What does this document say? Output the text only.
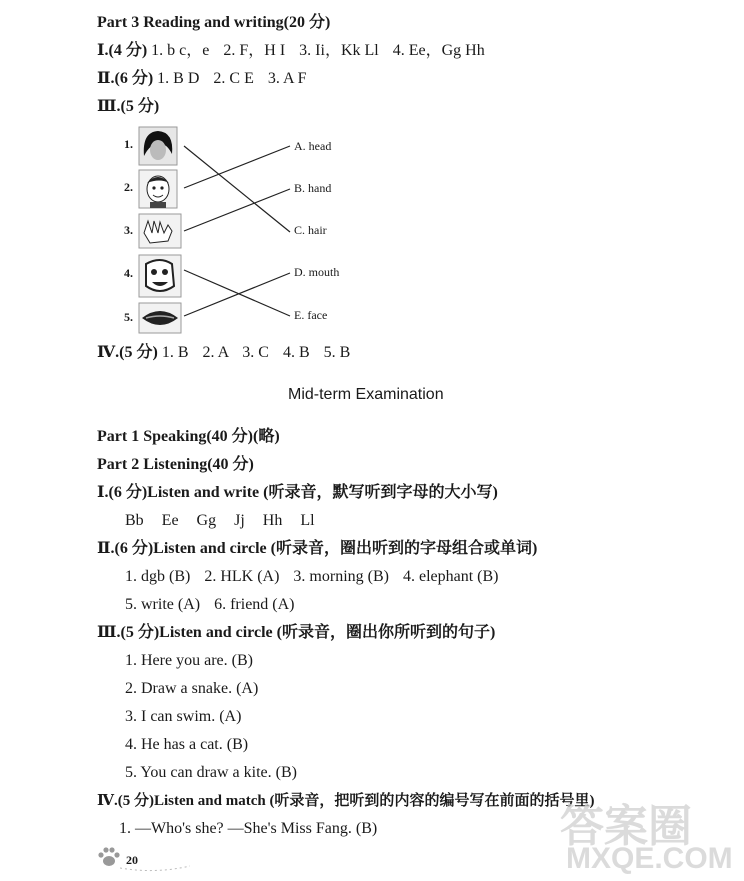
Part 3 Reading and writing(20 分)
Ⅰ.(4 分) 1. b c，e 2. F，H I 3. Ii，Kk Ll 4. Ee，Gg Hh
Ⅱ.(6 分) 1. B D 2. C E 3. A F
Ⅲ.(5 分)
1.
2.
3.
4.
5.
A. head
B. hand
C. hair
D. mouth
E. face
Ⅳ.(5 分) 1. B 2. A 3. C 4. B 5. B
Mid-term Examination
Part 1 Speaking(40 分)(略)
Part 2 Listening(40 分)
Ⅰ.(6 分)Listen and write (听录音，默写听到字母的大小写)
Bb Ee Gg Jj Hh Ll
Ⅱ.(6 分)Listen and circle (听录音，圈出听到的字母组合或单词)
1. dgb (B) 2. HLK (A) 3. morning (B) 4. elephant (B)
5. write (A) 6. friend (A)
Ⅲ.(5 分)Listen and circle (听录音，圈出你所听到的句子)
1. Here you are. (B)
2. Draw a snake. (A)
3. I can swim. (A)
4. He has a cat. (B)
5. You can draw a kite. (B)
Ⅳ.(5 分)Listen and match (听录音，把听到的内容的编号写在前面的括号里)
1. —Who's she? —She's Miss Fang. (B)
20
答案圈
MXQE.COM
